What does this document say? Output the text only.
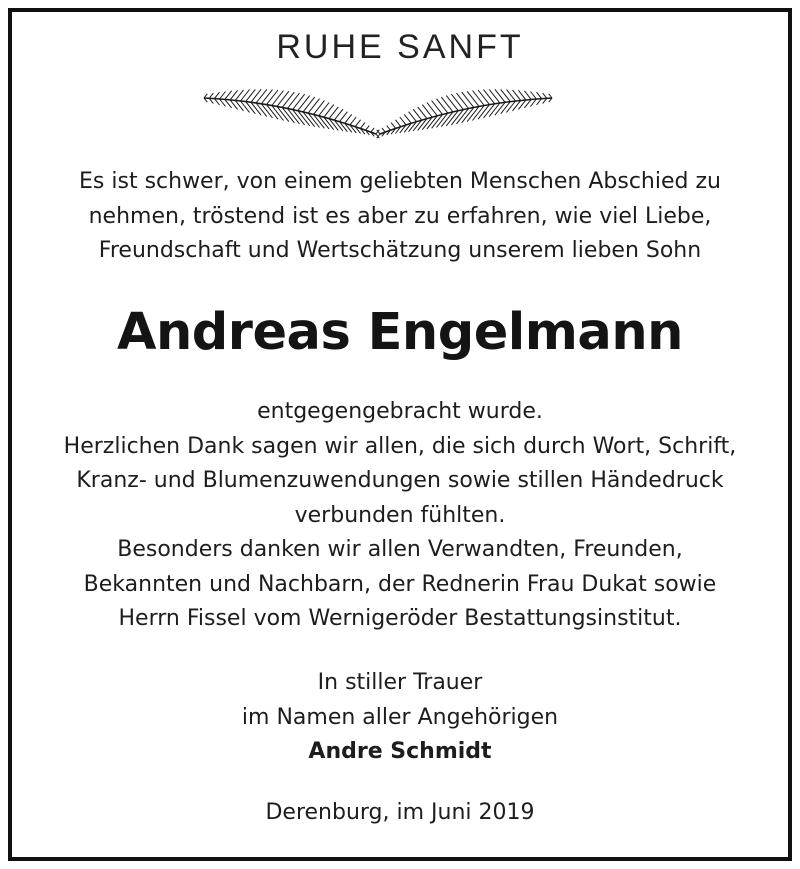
RUHE SANFT
Es ist schwer, von einem geliebten Menschen Abschied zu
nehmen, tröstend ist es aber zu erfahren, wie viel Liebe,
Freundschaft und Wertschätzung unserem lieben Sohn
Andreas Engelmann
entgegengebracht wurde.
Herzlichen Dank sagen wir allen, die sich durch Wort, Schrift,
Kranz- und Blumenzuwendungen sowie stillen Händedruck
verbunden fühlten.
Besonders danken wir allen Verwandten, Freunden,
Bekannten und Nachbarn, der Rednerin Frau Dukat sowie
Herrn Fissel vom Wernigeröder Bestattungsinstitut.
In stiller Trauer
im Namen aller Angehörigen
Andre Schmidt
Derenburg, im Juni 2019
